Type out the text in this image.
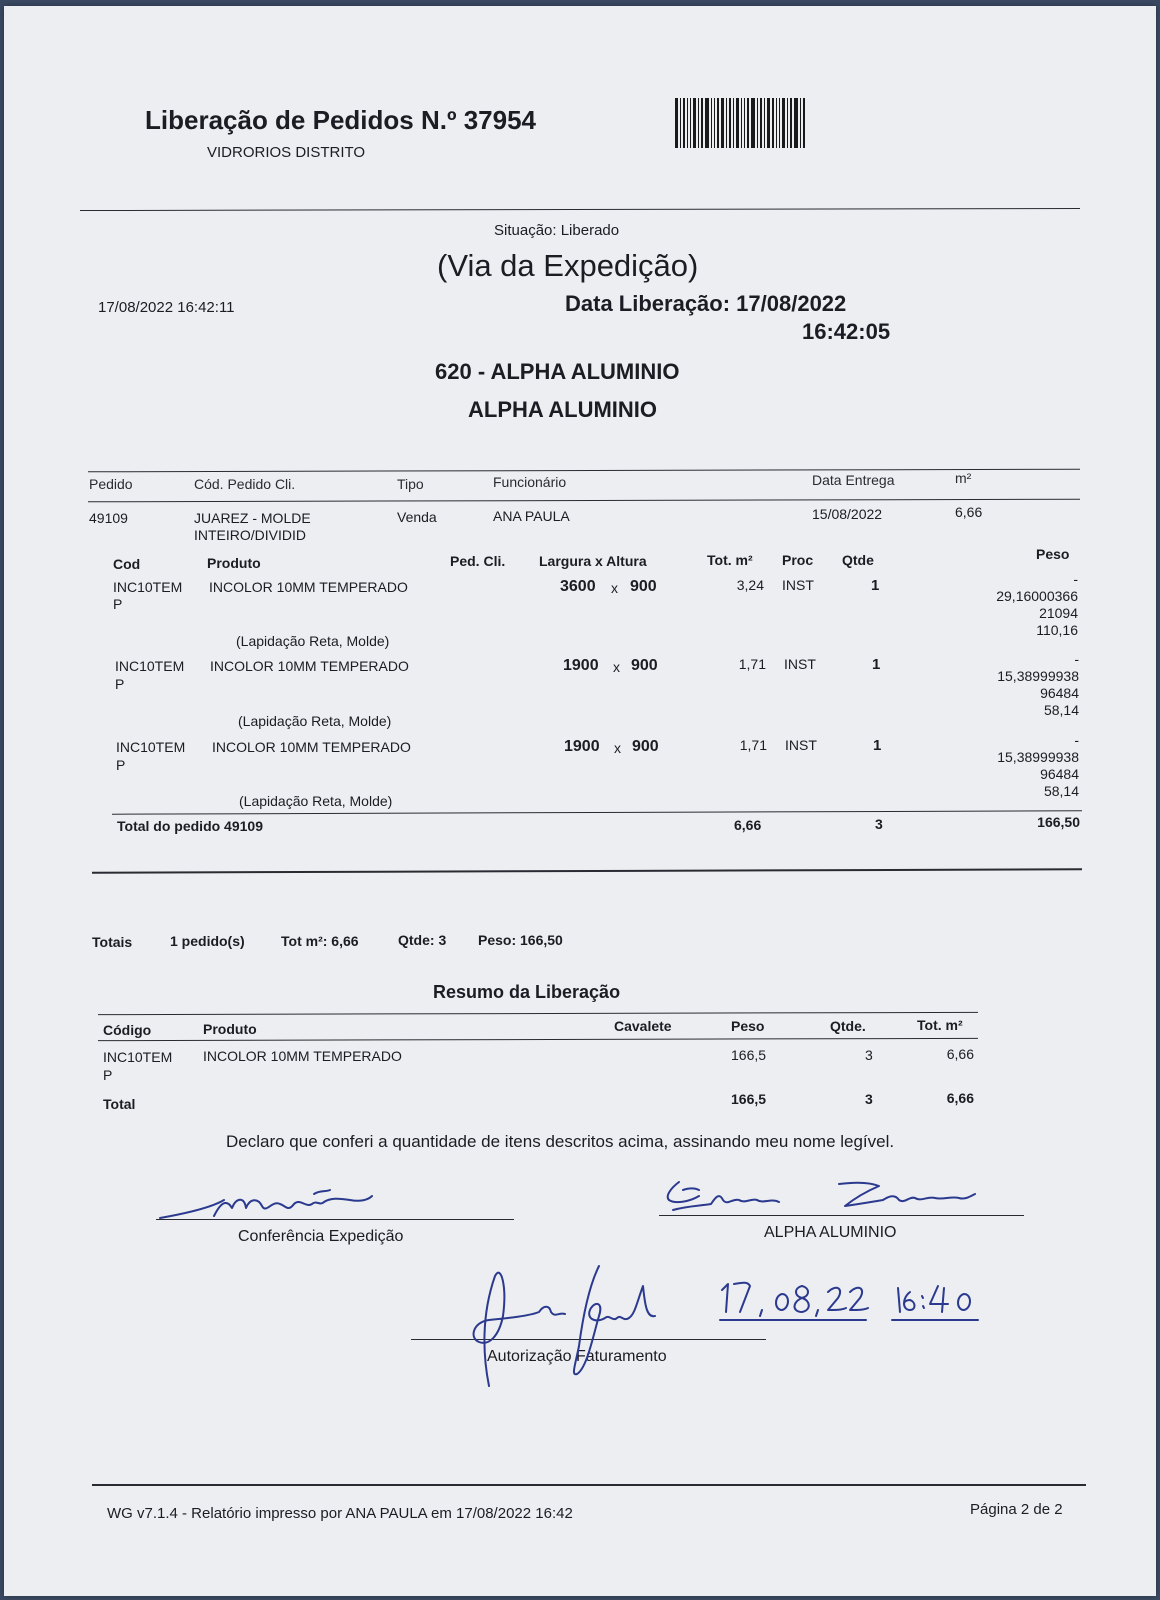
Liberação de Pedidos N.º 37954
VIDRORIOS DISTRITO
Situação: Liberado
(Via da Expedição)
17/08/2022 16:42:11	Data Liberação: 17/08/2022
16:42:05
620 - ALPHA ALUMINIO
ALPHA ALUMINIO
Pedido	Cód. Pedido Cli.	Tipo	Funcionário	Data Entrega	m²
49109	JUAREZ - MOLDE
INTEIRO/DIVIDID
Venda	ANA PAULA	15/08/2022	6,66
Cod	Produto	Ped. Cli. Largura x Altura	Tot. m² Proc Qtde	Peso
INC10TEM
P
INCOLOR 10MM TEMPERADO	3600 x 900	3,24 INST	1	-
29,16000366
21094
110,16
(Lapidação Reta, Molde)
INC10TEM
P
INCOLOR 10MM TEMPERADO	1900 x 900	1,71 INST	1	-
15,38999938
96484
58,14
(Lapidação Reta, Molde)
INC10TEM
P
INCOLOR 10MM TEMPERADO	1900 x 900	1,71 INST	1	-
15,38999938
96484
58,14
(Lapidação Reta, Molde)
Total do pedido 49109	6,66	3	166,50
Totais	1 pedido(s)	Tot m²: 6,66	Qtde: 3 Peso: 166,50
Resumo da Liberação
Código	Produto	Cavalete	Peso	Qtde.	Tot. m²
INC10TEM
P
INCOLOR 10MM TEMPERADO	166,5	3	6,66
Total	166,5	3	6,66
Declaro que conferi a quantidade de itens descritos acima, assinando meu nome legível.
Conferência Expedição	ALPHA ALUMINIO
Autorização Faturamento
WG v7.1.4 - Relatório impresso por ANA PAULA em 17/08/2022 16:42	Página 2 de 2
